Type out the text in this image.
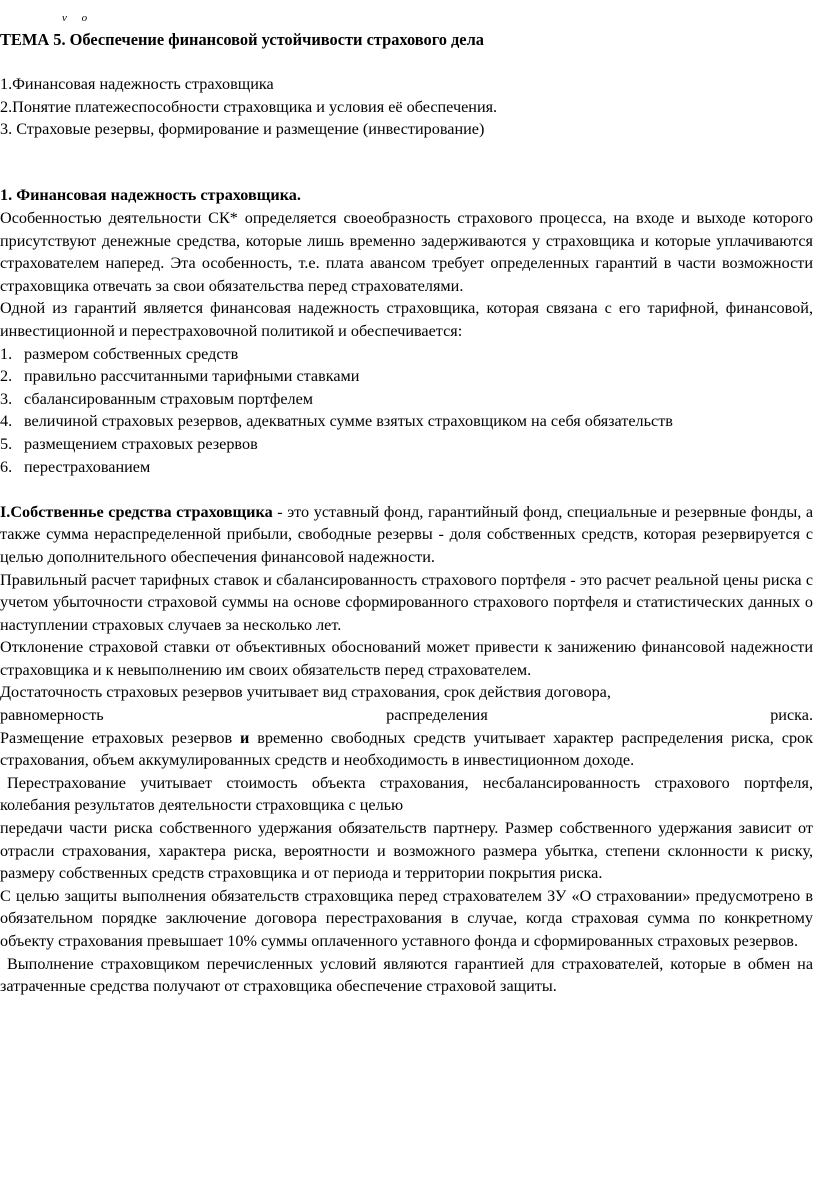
v o
ТЕМА 5. Обеспечение финансовой устойчивости страхового дела
1.Финансовая надежность страховщика
2.Понятие платежеспособности страховщика и условия её обеспечения.
3. Страховые резервы, формирование и размещение (инвестирование)
1. Финансовая надежность страховщика.

Особенностью деятельности СК* определяется своеобразность страхового процесса, на входе и выходе которого присутствуют денежные средства, которые лишь временно задерживаются у страховщика и которые уплачиваются страхователем наперед. Эта особенность, т.е. плата авансом требует определенных гарантий в части возможности страховщика отвечать за свои обязательства перед страхователями.

Одной из гарантий является финансовая надежность страховщика, которая связана с его тарифной, финансовой, инвестиционной и перестраховочной политикой и обеспечивается:

1. размером собственных средств
2. правильно рассчитанными тарифными ставками
3. сбалансированным страховым портфелем
4. величиной страховых резервов, адекватных сумме взятых страховщиком на себя обязательств
5. размещением страховых резервов
6. перестрахованием

I.Собственнье средства страховщика - это уставный фонд, гарантийный фонд, специальные и резервные фонды, а также сумма нераспределенной прибыли, свободные резервы - доля собственных средств, которая резервируется с целью дополнительного обеспечения финансовой надежности.

Правильный расчет тарифных ставок и сбалансированность страхового портфеля - это расчет реальной цены риска с учетом убыточности страховой суммы на основе сформированного страхового портфеля и статистических данных о наступлении страховых случаев за несколько лет.

Отклонение страховой ставки от объективных обоснований может привести к занижению финансовой надежности страховщика и к невыполнению им своих обязательств перед страхователем.

Достаточность страховых резервов учитывает вид страхования, срок действия договора,

равномерность распределения риска.

Размещение етраховых резервов и временно свободных средств учитывает характер распределения риска, срок страхования, объем аккумулированных средств и необходимость в инвестиционном доходе.

Перестрахование учитывает стоимость объекта страхования, несбалансированность страхового портфеля, колебания результатов деятельности страховщика с целью

передачи части риска собственного удержания обязательств партнеру. Размер собственного удержания зависит от отрасли страхования, характера риска, вероятности и возможного размера убытка, степени склонности к риску, размеру собственных средств страховщика и от периода и территории покрытия риска.

С целью защиты выполнения обязательств страховщика перед страхователем ЗУ «О страховании» предусмотрено в обязательном порядке заключение договора перестрахования в случае, когда страховая сумма по конкретному объекту страхования превышает 10% суммы оплаченного уставного фонда и сформированных страховых резервов.

Выполнение страховщиком перечисленных условий являются гарантией для страхователей, которые в обмен на затраченные средства получают от страховщика обеспечение страховой защиты.
